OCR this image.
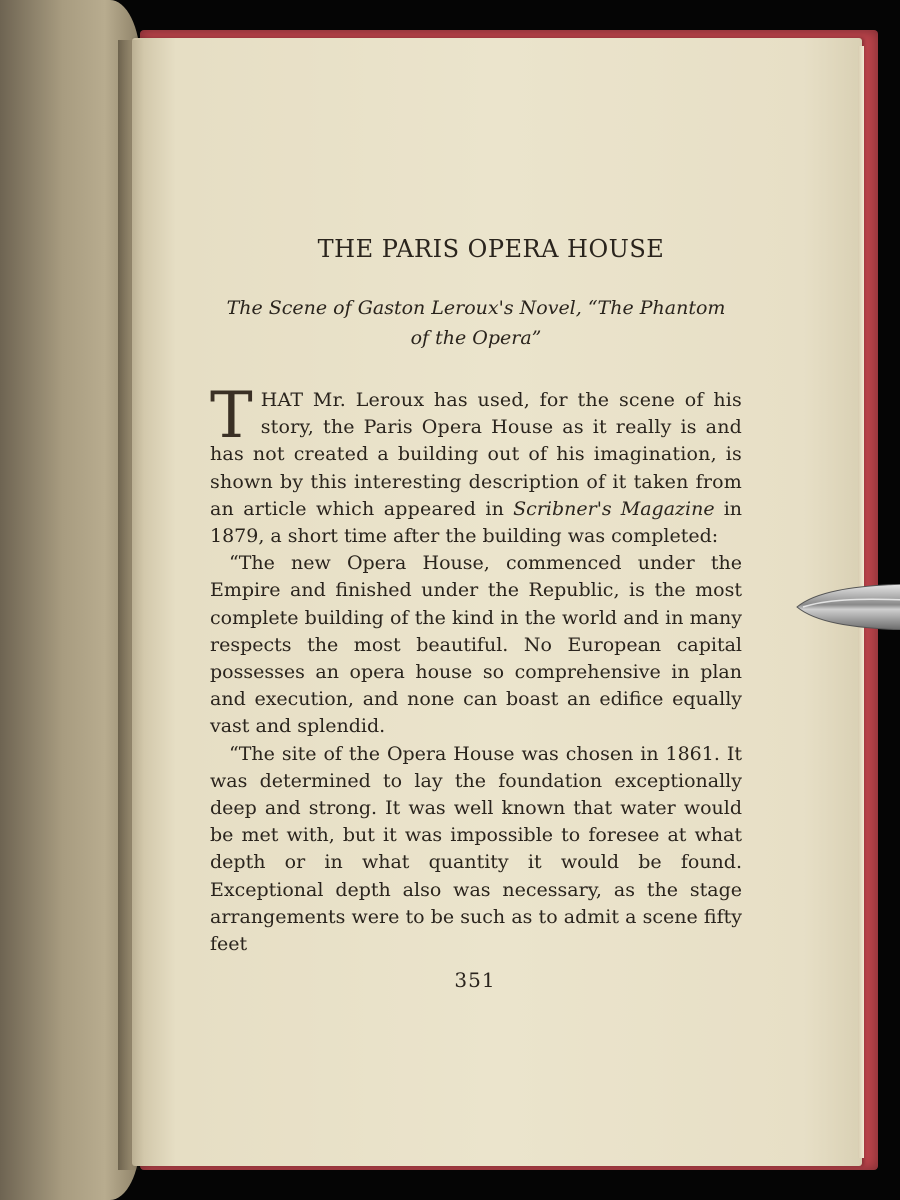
THE PARIS OPERA HOUSE
The Scene of Gaston Leroux's Novel, “The Phantom
of the Opera”

T HAT Mr. Leroux has used, for the scene of his story, the Paris Opera House as it really is and has not created a building out of his imagination, is shown by this interesting description of it taken from an article which appeared in Scribner's Magazine in 1879, a short time after the building was completed:

“The new Opera House, commenced under the Empire and finished under the Republic, is the most complete building of the kind in the world and in many respects the most beautiful. No European capital possesses an opera house so comprehensive in plan and execution, and none can boast an edifice equally vast and splendid.

“The site of the Opera House was chosen in 1861. It was determined to lay the foundation exceptionally deep and strong. It was well known that water would be met with, but it was impossible to foresee at what depth or in what quantity it would be found. Exceptional depth also was necessary, as the stage arrangements were to be such as to admit a scene fifty feet

351
